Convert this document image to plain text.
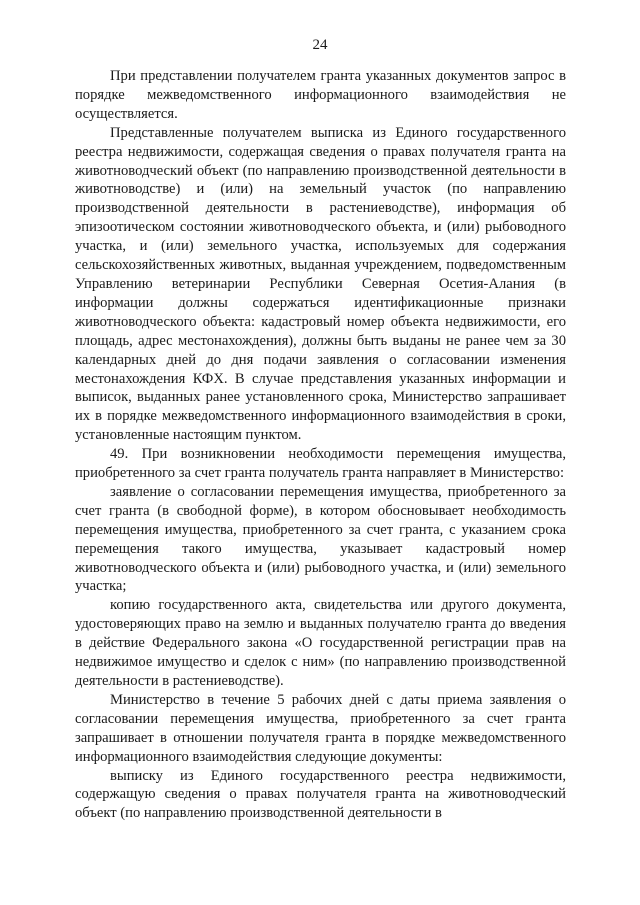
24

При представлении получателем гранта указанных документов запрос в порядке межведомственного информационного взаимодействия не осуществляется.

Представленные получателем выписка из Единого государственного реестра недвижимости, содержащая сведения о правах получателя гранта на животноводческий объект (по направлению производственной деятельности в животноводстве) и (или) на земельный участок (по направлению производственной деятельности в растениеводстве), информация об эпизоотическом состоянии животноводческого объекта, и (или) рыбоводного участка, и (или) земельного участка, используемых для содержания сельскохозяйственных животных, выданная учреждением, подведомственным Управлению ветеринарии Республики Северная Осетия-Алания (в информации должны содержаться идентификационные признаки животноводческого объекта: кадастровый номер объекта недвижимости, его площадь, адрес местонахождения), должны быть выданы не ранее чем за 30 календарных дней до дня подачи заявления о согласовании изменения местонахождения КФХ. В случае представления указанных информации и выписок, выданных ранее установленного срока, Министерство запрашивает их в порядке межведомственного информационного взаимодействия в сроки, установленные настоящим пунктом.

49. При возникновении необходимости перемещения имущества, приобретенного за счет гранта получатель гранта направляет в Министерство:

заявление о согласовании перемещения имущества, приобретенного за счет гранта (в свободной форме), в котором обосновывает необходимость перемещения имущества, приобретенного за счет гранта, с указанием срока перемещения такого имущества, указывает кадастровый номер животноводческого объекта и (или) рыбоводного участка, и (или) земельного участка;

копию государственного акта, свидетельства или другого документа, удостоверяющих право на землю и выданных получателю гранта до введения в действие Федерального закона «О государственной регистрации прав на недвижимое имущество и сделок с ним» (по направлению производственной деятельности в растениеводстве).

Министерство в течение 5 рабочих дней с даты приема заявления о согласовании перемещения имущества, приобретенного за счет гранта запрашивает в отношении получателя гранта в порядке межведомственного информационного взаимодействия следующие документы:

выписку из Единого государственного реестра недвижимости, содержащую сведения о правах получателя гранта на животноводческий объект (по направлению производственной деятельности в
